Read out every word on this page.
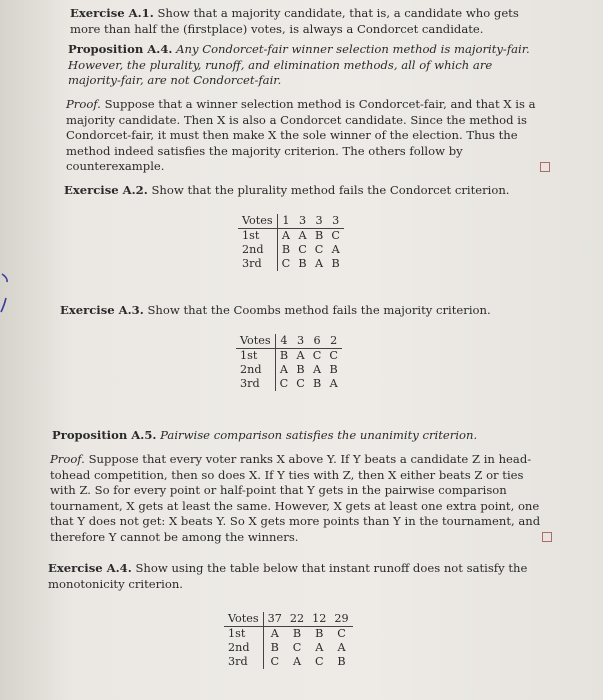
Exercise A.1. Show that a majority candidate, that is, a candidate who gets more than half the (firstplace) votes, is always a Condorcet candidate.
Proposition A.4. Any Condorcet-fair winner selection method is majority-fair. However, the plurality, runoff, and elimination methods, all of which are majority-fair, are not Condorcet-fair.
Proof. Suppose that a winner selection method is Condorcet-fair, and that X is a majority candidate. Then X is also a Condorcet candidate. Since the method is Condorcet-fair, it must then make X the sole winner of the election. Thus the method indeed satisfies the majority criterion. The others follow by counterexample.
Exercise A.2. Show that the plurality method fails the Condorcet criterion.
Votes	1	3	3	3
1st	A	A	B	C
2nd	B	C	C	A
3rd	C	B	A	B
Exercise A.3. Show that the Coombs method fails the majority criterion.
Votes	4	3	6	2
1st	B	A	C	C
2nd	A	B	A	B
3rd	C	C	B	A
Proposition A.5. Pairwise comparison satisfies the unanimity criterion.
Proof. Suppose that every voter ranks X above Y. If Y beats a candidate Z in head-tohead competition, then so does X. If Y ties with Z, then X either beats Z or ties with Z. So for every point or half-point that Y gets in the pairwise comparison tournament, X gets at least the same. However, X gets at least one extra point, one that Y does not get: X beats Y. So X gets more points than Y in the tournament, and therefore Y cannot be among the winners.
Exercise A.4. Show using the table below that instant runoff does not satisfy the monotonicity criterion.
Votes	37	22	12	29
1st	A	B	B	C
2nd	B	C	A	A
3rd	C	A	C	B
